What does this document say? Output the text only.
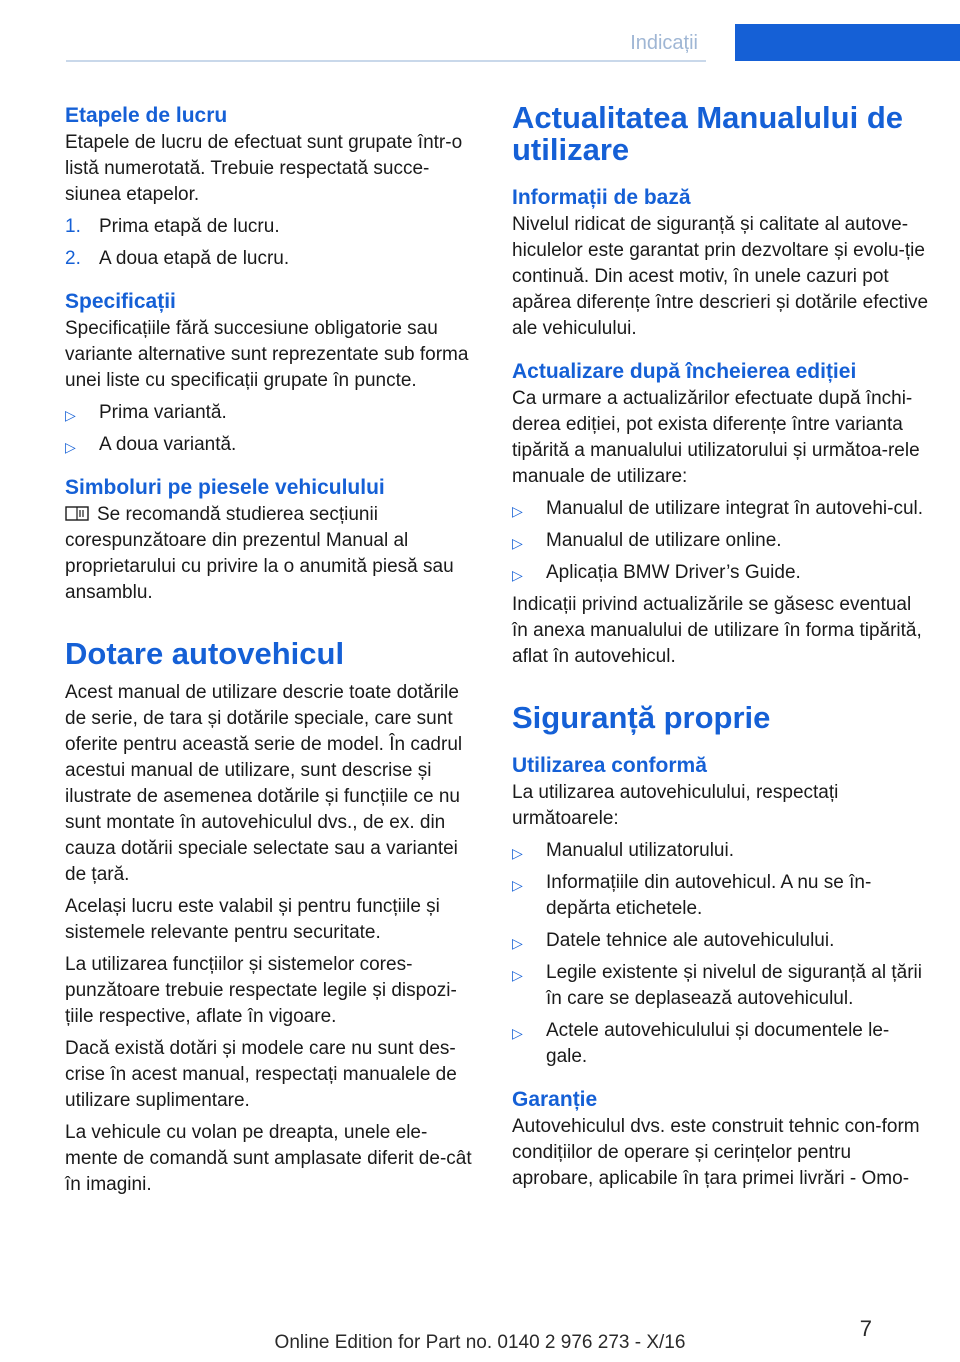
Indicații
Etapele de lucru

Etapele de lucru de efectuat sunt grupate într-o listă numerotată. Trebuie respectată succe-siunea etapelor.

1. Prima etapă de lucru.
2. A doua etapă de lucru.
Specificații

Specificațiile fără succesiune obligatorie sau variante alternative sunt reprezentate sub forma unei liste cu specificații grupate în puncte.

▷ Prima variantă.
▷ A doua variantă.
Simboluri pe piesele vehiculului

Se recomandă studierea secțiunii corespunzătoare din prezentul Manual al proprietarului cu privire la o anumită piesă sau ansamblu.

Dotare autovehicul

Acest manual de utilizare descrie toate dotările de serie, de tara și dotările speciale, care sunt oferite pentru această serie de model. În cadrul acestui manual de utilizare, sunt descrise și ilustrate de asemenea dotările și funcțiile ce nu sunt montate în autovehiculul dvs., de ex. din cauza dotării speciale selectate sau a variantei de țară.

Același lucru este valabil și pentru funcțiile și sistemele relevante pentru securitate.

La utilizarea funcțiilor și sistemelor cores-punzătoare trebuie respectate legile și dispozi-țiile respective, aflate în vigoare.

Dacă există dotări și modele care nu sunt des-crise în acest manual, respectați manualele de utilizare suplimentare.

La vehicule cu volan pe dreapta, unele ele-mente de comandă sunt amplasate diferit de-cât în imagini.

Actualitatea Manualului de utilizare
Informații de bază

Nivelul ridicat de siguranță și calitate al autove-hiculelor este garantat prin dezvoltare și evolu-ție continuă. Din acest motiv, în unele cazuri pot apărea diferențe între descrieri și dotările efective ale vehiculului.

Actualizare după încheierea ediției

Ca urmare a actualizărilor efectuate după închi-derea ediției, pot exista diferențe între varianta tipărită a manualului utilizatorului și următoa-rele manuale de utilizare:

▷ Manualul de utilizare integrat în autovehi-cul.
▷ Manualul de utilizare online.
▷ Aplicația BMW Driver’s Guide.

Indicații privind actualizările se găsesc eventual în anexa manualului de utilizare în forma tipărită, aflat în autovehicul.

Siguranță proprie
Utilizarea conformă

La utilizarea autovehiculului, respectați următoarele:

▷ Manualul utilizatorului.
▷ Informațiile din autovehicul. A nu se în-depărta etichetele.
▷ Datele tehnice ale autovehiculului.
▷ Legile existente și nivelul de siguranță al țării în care se deplasează autovehiculul.
▷ Actele autovehiculului și documentele le-gale.
Garanție

Autovehiculul dvs. este construit tehnic con-form condițiilor de operare și cerințelor pentru aprobare, aplicabile în țara primei livrări - Omo-

7
Online Edition for Part no. 0140 2 976 273 - X/16
